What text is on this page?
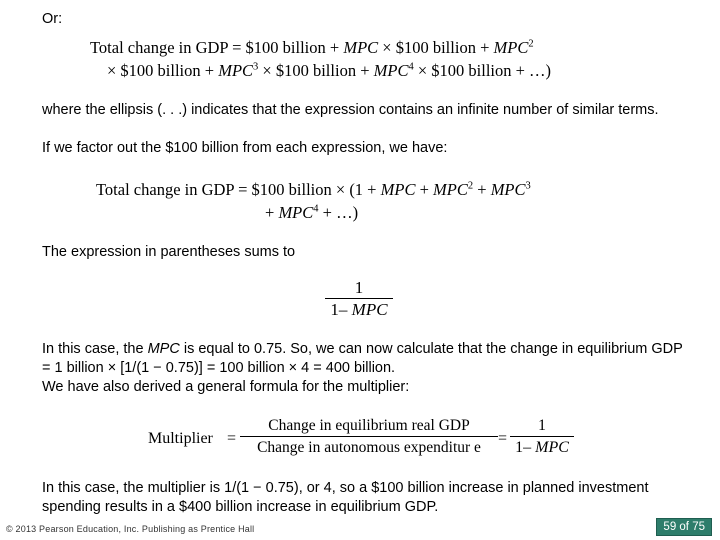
Or:
Total change in GDP = $100 billion + MPC × $100 billion + $MPC^2$
× $100 billion + $MPC^3$ × $100 billion + $MPC^4$ × $100 billion + …)
where the ellipsis (. . .) indicates that the expression contains an infinite number of similar terms.
If we factor out the $100 billion from each expression, we have:
Total change in GDP = $100 billion × (1 + MPC + $MPC^2 + MPC^3$
+ $MPC^4$ + …)
The expression in parentheses sums to
1
1– MPC
In this case, the MPC is equal to 0.75. So, we can now calculate that the change in equilibrium GDP = 1 billion × [1/(1 − 0.75)] = 100 billion × 4 = 400 billion.
We have also derived a general formula for the multiplier:
Multiplier =
Change in equilibrium real GDP
Change in autonomous expenditur e
=
1
1– MPC
In this case, the multiplier is 1/(1 − 0.75), or 4, so a $100 billion increase in planned investment spending results in a $400 billion increase in equilibrium GDP.
© 2013 Pearson Education, Inc. Publishing as Prentice Hall	59 of 75
